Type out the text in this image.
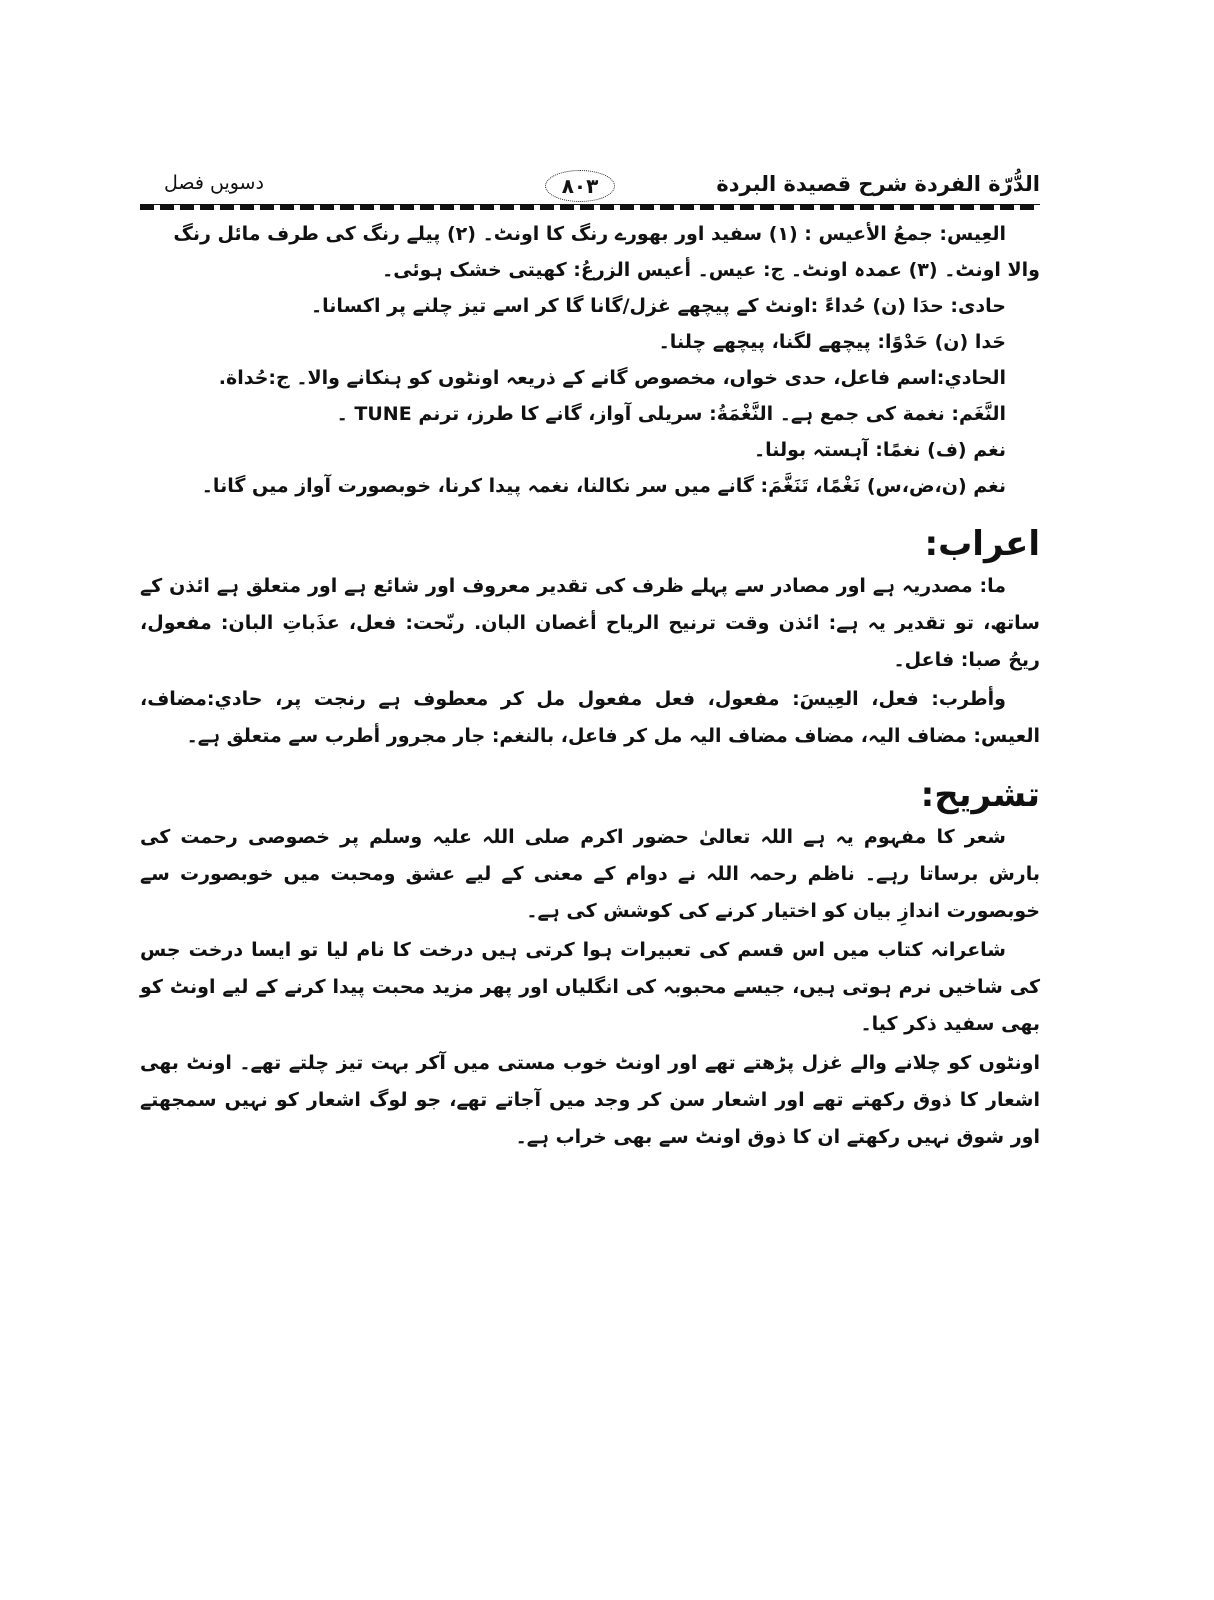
الدُّرّة الفردة شرح قصيدة البردة
٨٠٣
دسویں فصل
العِيس: جمعُ الأعيس : (۱) سفید اور بھورے رنگ کا اونٹ۔ (۲) پیلے رنگ کی طرف مائل رنگ
والا اونٹ۔ (۳) عمدہ اونٹ۔ ج: عیس۔ أعیس الزرعُ: کھیتی خشک ہوئی۔
حادی: حدَا (ن) حُداءً :اونٹ کے پیچھے غزل/گانا گا کر اسے تیز چلنے پر اکسانا۔
حَدا (ن) حَدْوًا: پیچھے لگنا، پیچھے چلنا۔
الحادي:اسم فاعل، حدی خواں، مخصوص گانے کے ذریعہ اونٹوں کو ہنکانے والا۔ ج:حُداة.
النَّغَم: نغمة کی جمع ہے۔ النَّغْمَةُ: سریلی آواز، گانے کا طرز، ترنم TUNE ۔
نغم (ف) نغمًا: آہستہ بولنا۔
نغم (ن،ض،س) نَغْمًا، تَنَغَّمَ: گانے میں سر نکالنا، نغمہ پیدا کرنا، خوبصورت آواز میں گانا۔
اعراب:

ما: مصدریہ ہے اور مصادر سے پہلے ظرف کی تقدیر معروف اور شائع ہے اور متعلق ہے ائذن کے ساتھ، تو تقدیر یہ ہے: ائذن وقت ترنیح الریاح أغصان البان. رنّحت: فعل، عذَباتِ البان: مفعول، ریحُ صبا: فاعل۔

وأطرب: فعل، العِیسَ: مفعول، فعل مفعول مل کر معطوف ہے رنجت پر، حادي:مضاف، العیس: مضاف الیہ، مضاف مضاف الیہ مل کر فاعل، بالنغم: جار مجرور أطرب سے متعلق ہے۔

تشریح:

شعر کا مفہوم یہ ہے اللہ تعالیٰ حضور اکرم صلی اللہ علیہ وسلم پر خصوصی رحمت کی بارش برساتا رہے۔ ناظم رحمہ اللہ نے دوام کے معنی کے لیے عشق ومحبت میں خوبصورت سے خوبصورت اندازِ بیان کو اختیار کرنے کی کوشش کی ہے۔

شاعرانہ کتاب میں اس قسم کی تعبیرات ہوا کرتی ہیں درخت کا نام لیا تو ایسا درخت جس کی شاخیں نرم ہوتی ہیں، جیسے محبوبہ کی انگلیاں اور پھر مزید محبت پیدا کرنے کے لیے اونٹ کو بھی سفید ذکر کیا۔

اونٹوں کو چلانے والے غزل پڑھتے تھے اور اونٹ خوب مستی میں آکر بہت تیز چلتے تھے۔ اونٹ بھی اشعار کا ذوق رکھتے تھے اور اشعار سن کر وجد میں آجاتے تھے، جو لوگ اشعار کو نہیں سمجھتے اور شوق نہیں رکھتے ان کا ذوق اونٹ سے بھی خراب ہے۔
